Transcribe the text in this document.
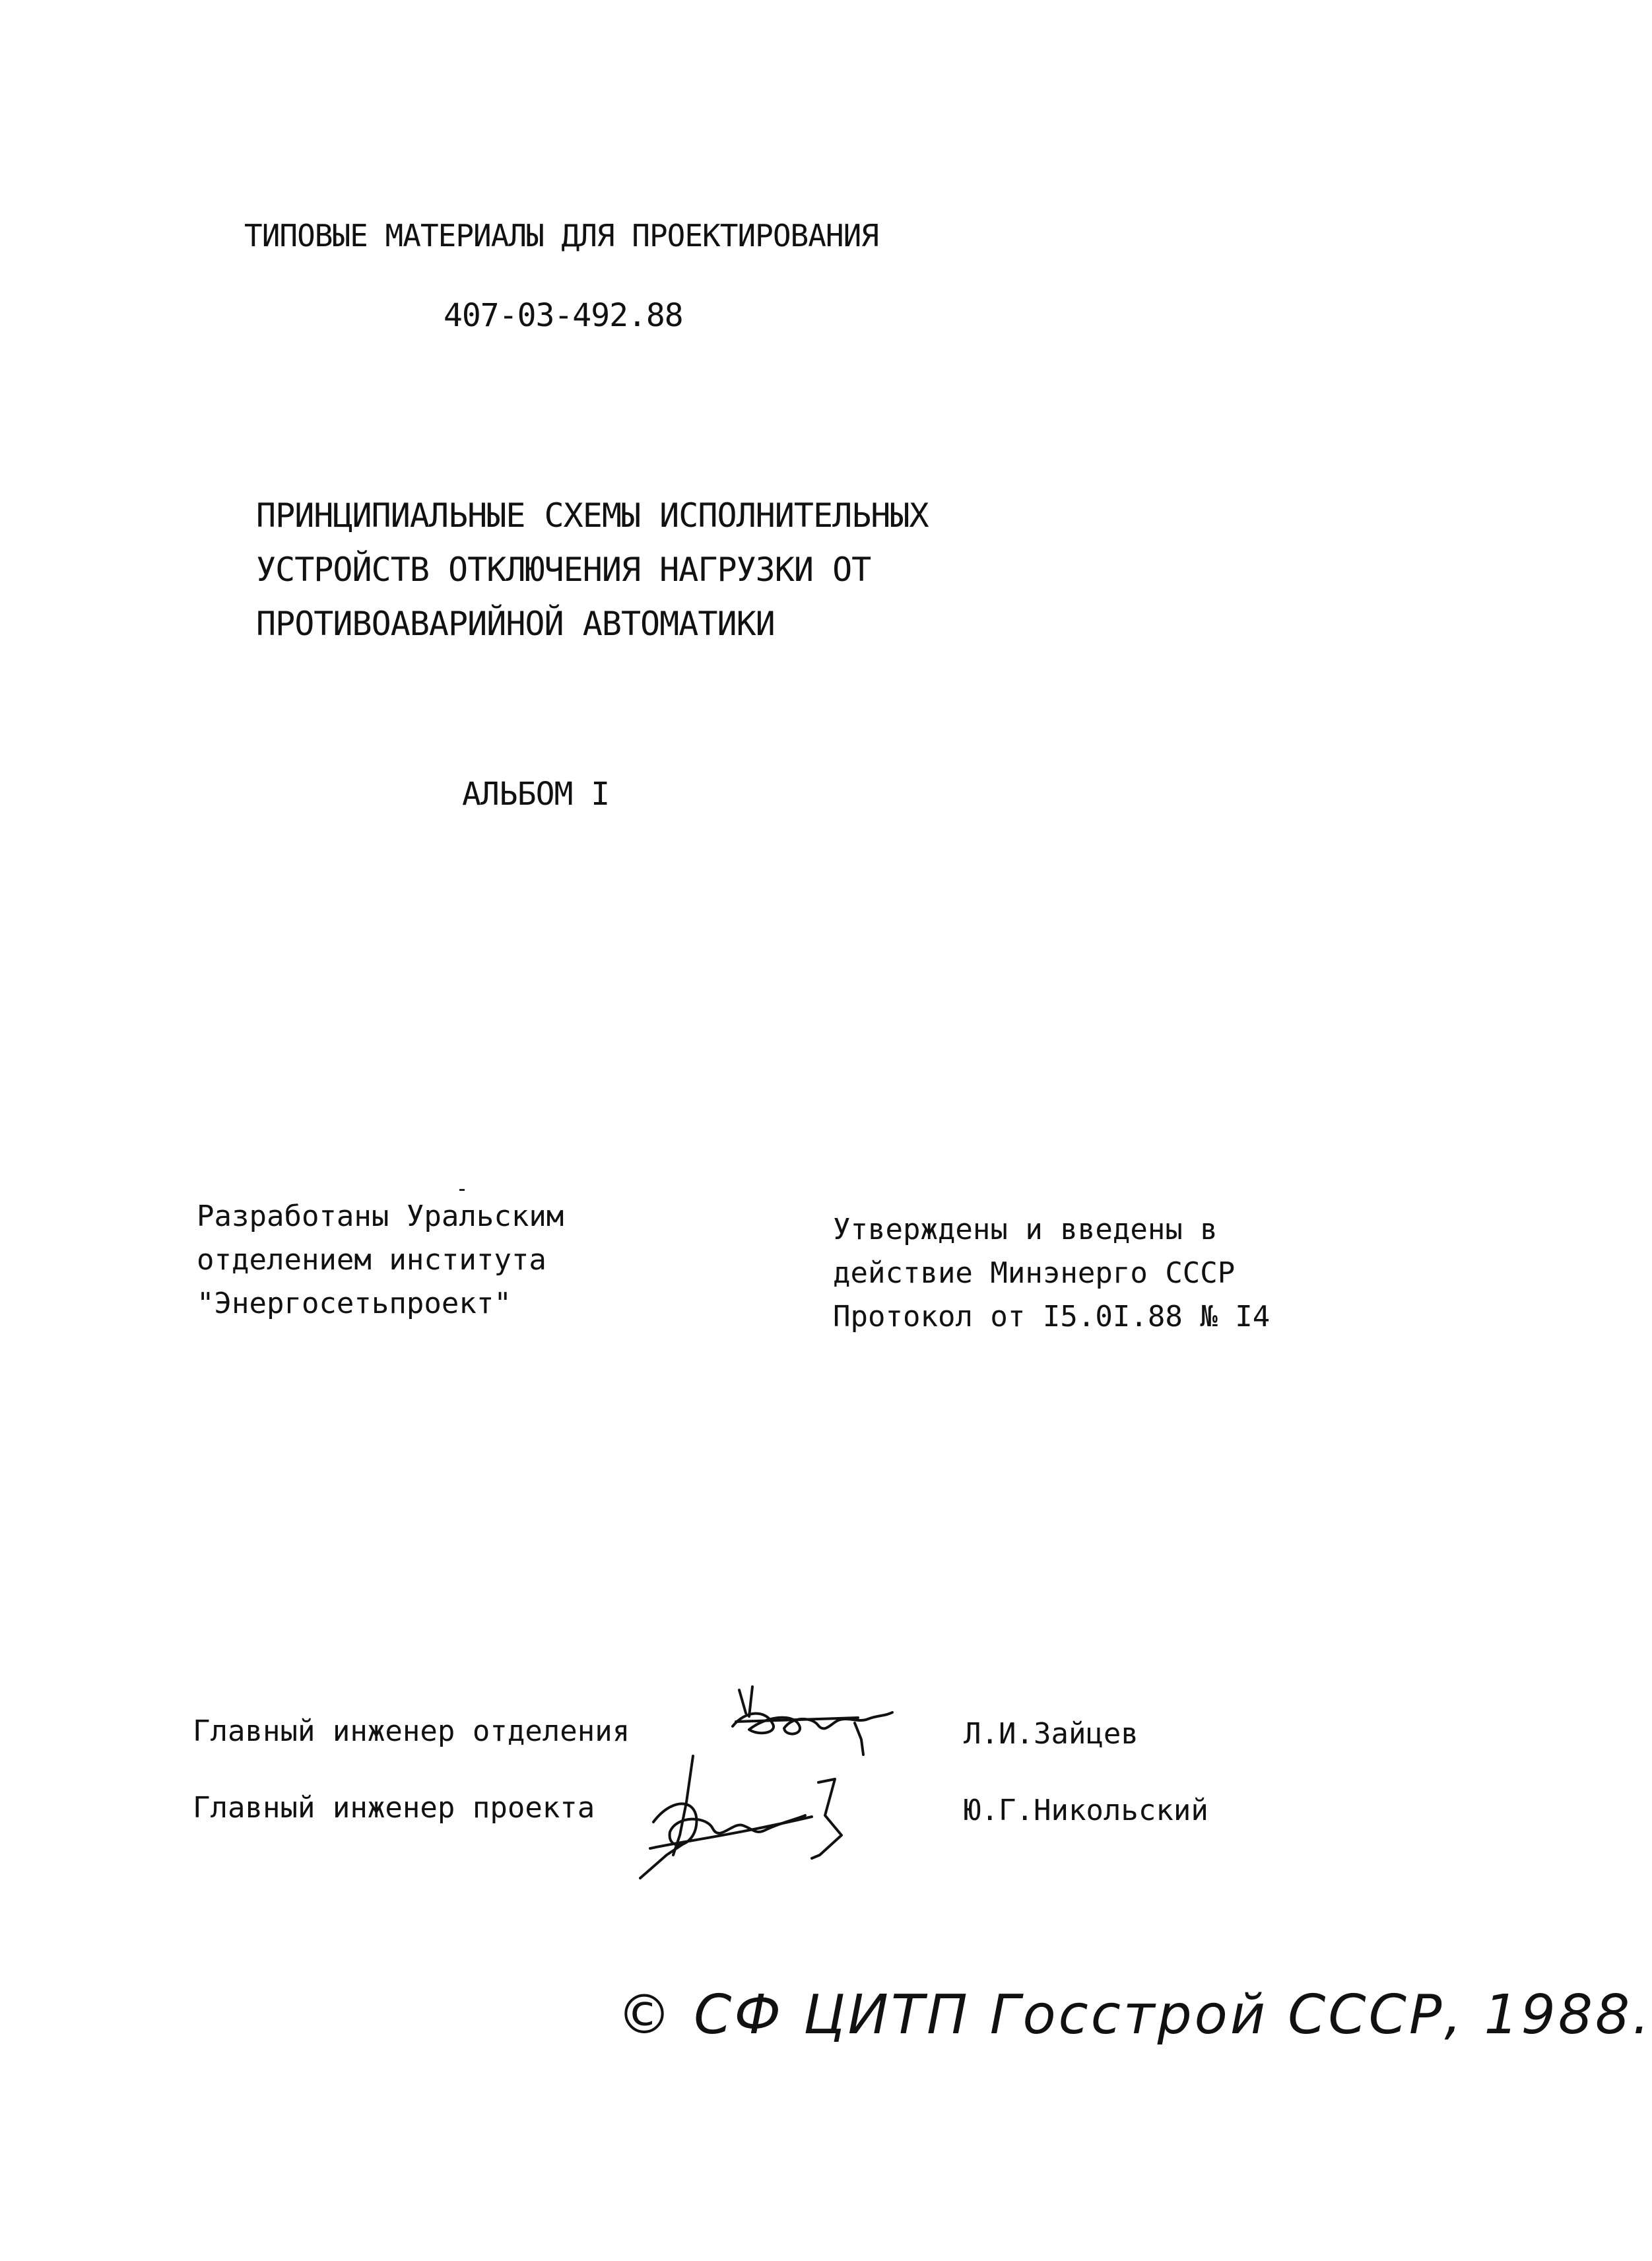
ТИПОВЫЕ МАТЕРИАЛЫ ДЛЯ ПРОЕКТИРОВАНИЯ
407-03-492.88
ПРИНЦИПИАЛЬНЫЕ СХЕМЫ ИСПОЛНИТЕЛЬНЫХ
УСТРОЙСТВ ОТКЛЮЧЕНИЯ НАГРУЗКИ ОТ
ПРОТИВОАВАРИЙНОЙ АВТОМАТИКИ
АЛЬБОМ I
Разработаны Уральским
отделением института
"Энергосетьпроект"
Утверждены и введены в
действие Минэнерго СССР
Протокол от I5.0I.88 № I4
Главный инженер отделения	Л.И.Зайцев
Главный инженер проекта	Ю.Г.Никольский
© СФ ЦИТП Госстрой СССР, 1988.
